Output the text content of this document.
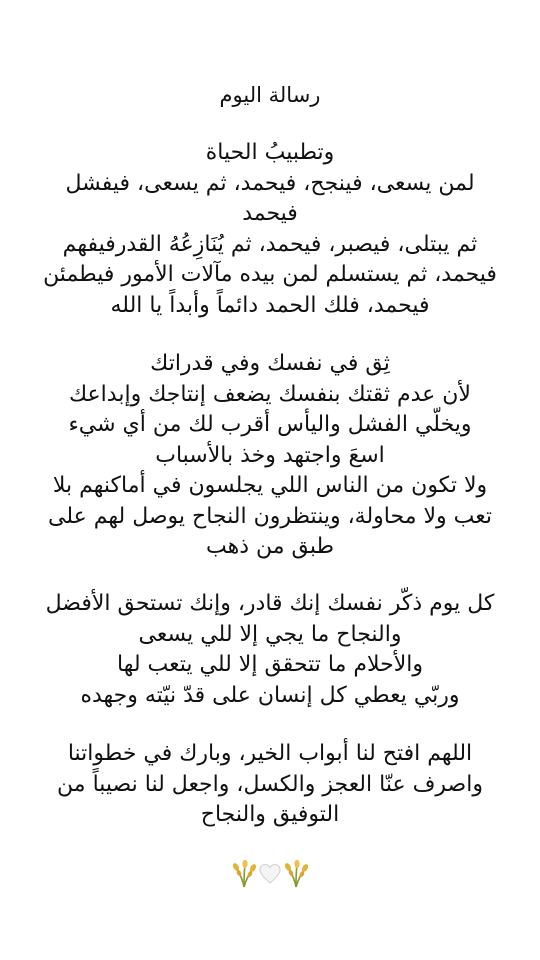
رسالة اليوم
وتطبيبُ الحياة
لمن يسعى، فينجح، فيحمد، ثم يسعى، فيفشل
فيحمد
ثم يبتلى، فيصبر، فيحمد، ثم يُنَازِعُهُ القدرفيفهم
فيحمد، ثم يستسلم لمن بيده مآلات الأمور فيطمئن
فيحمد، فلك الحمد دائماً وأبداً يا الله
ثِق في نفسك وفي قدراتك
لأن عدم ثقتك بنفسك يضعف إنتاجك وإبداعك
ويخلّي الفشل واليأس أقرب لك من أي شيء
اسعَ واجتهد وخذ بالأسباب
ولا تكون من الناس اللي يجلسون في أماكنهم بلا
تعب ولا محاولة، وينتظرون النجاح يوصل لهم على
طبق من ذهب
كل يوم ذكّر نفسك إنك قادر، وإنك تستحق الأفضل
والنجاح ما يجي إلا للي يسعى
والأحلام ما تتحقق إلا للي يتعب لها
وربّي يعطي كل إنسان على قدّ نيّته وجهده
اللهم افتح لنا أبواب الخير، وبارك في خطواتنا
واصرف عنّا العجز والكسل، واجعل لنا نصيباً من
التوفيق والنجاح
